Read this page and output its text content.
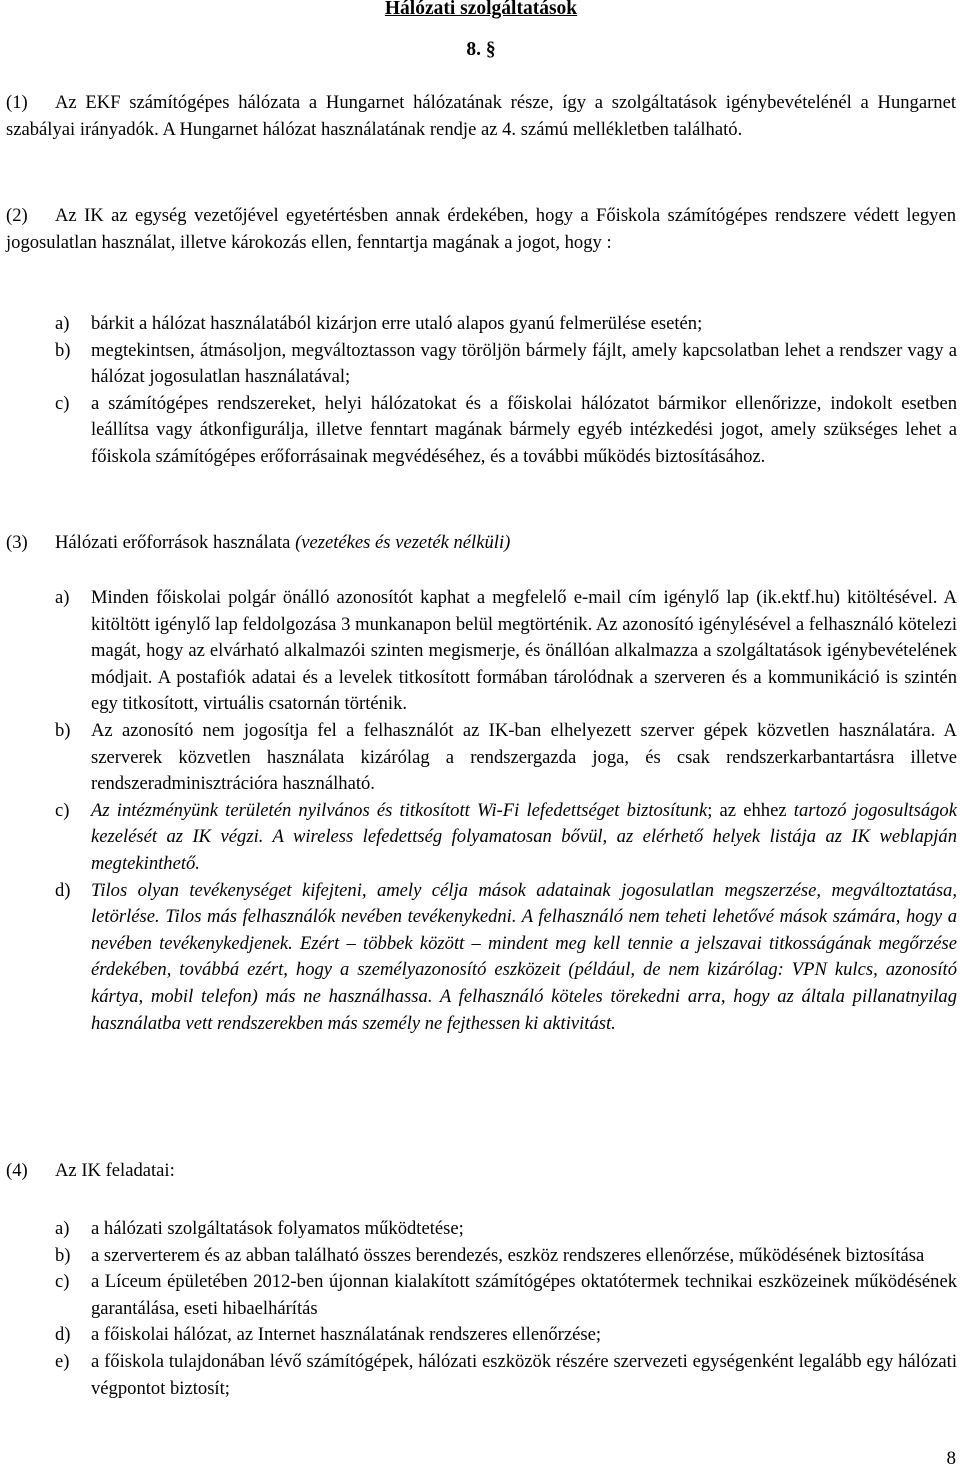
Hálózati szolgáltatások
8. §
(1) Az EKF számítógépes hálózata a Hungarnet hálózatának része, így a szolgáltatások igénybevételénél a Hungarnet szabályai irányadók. A Hungarnet hálózat használatának rendje az 4. számú mellékletben található.
(2) Az IK az egység vezetőjével egyetértésben annak érdekében, hogy a Főiskola számítógépes rendszere védett legyen jogosulatlan használat, illetve károkozás ellen, fenntartja magának a jogot, hogy :
a) bárkit a hálózat használatából kizárjon erre utaló alapos gyanú felmerülése esetén;
b) megtekintsen, átmásoljon, megváltoztasson vagy töröljön bármely fájlt, amely kapcsolatban lehet a rendszer vagy a hálózat jogosulatlan használatával;
c) a számítógépes rendszereket, helyi hálózatokat és a főiskolai hálózatot bármikor ellenőrizze, indokolt esetben leállítsa vagy átkonfigurálja, illetve fenntart magának bármely egyéb intézkedési jogot, amely szükséges lehet a főiskola számítógépes erőforrásainak megvédéséhez, és a további működés biztosításához.
(3) Hálózati erőforrások használata (vezetékes és vezeték nélküli)
a) Minden főiskolai polgár önálló azonosítót kaphat a megfelelő e-mail cím igénylő lap (ik.ektf.hu) kitöltésével. A kitöltött igénylő lap feldolgozása 3 munkanapon belül megtörténik. Az azonosító igénylésével a felhasználó kötelezi magát, hogy az elvárható alkalmazói szinten megismerje, és önállóan alkalmazza a szolgáltatások igénybevételének módjait. A postafiók adatai és a levelek titkosított formában tárolódnak a szerveren és a kommunikáció is szintén egy titkosított, virtuális csatornán történik.
b) Az azonosító nem jogosítja fel a felhasználót az IK-ban elhelyezett szerver gépek közvetlen használatára. A szerverek közvetlen használata kizárólag a rendszergazda joga, és csak rendszerkarbantartásra illetve rendszeradminisztrációra használható.
c) Az intézményünk területén nyilvános és titkosított Wi-Fi lefedettséget biztosítunk; az ehhez tartozó jogosultságok kezelését az IK végzi. A wireless lefedettség folyamatosan bővül, az elérhető helyek listája az IK weblapján megtekinthető.
d) Tilos olyan tevékenységet kifejteni, amely célja mások adatainak jogosulatlan megszerzése, megváltoztatása, letörlése. Tilos más felhasználók nevében tevékenykedni. A felhasználó nem teheti lehetővé mások számára, hogy a nevében tevékenykedjenek. Ezért – többek között – mindent meg kell tennie a jelszavai titkosságának megőrzése érdekében, továbbá ezért, hogy a személyazonosító eszközeit (például, de nem kizárólag: VPN kulcs, azonosító kártya, mobil telefon) más ne használhassa. A felhasználó köteles törekedni arra, hogy az általa pillanatnyilag használatba vett rendszerekben más személy ne fejthessen ki aktivitást.
(4) Az IK feladatai:
a) a hálózati szolgáltatások folyamatos működtetése;
b) a szerverterem és az abban található összes berendezés, eszköz rendszeres ellenőrzése, működésének biztosítása
c) a Líceum épületében 2012-ben újonnan kialakított számítógépes oktatótermek technikai eszközeinek működésének garantálása, eseti hibaelhárítás
d) a főiskolai hálózat, az Internet használatának rendszeres ellenőrzése;
e) a főiskola tulajdonában lévő számítógépek, hálózati eszközök részére szervezeti egységenként legalább egy hálózati végpontot biztosít;
8
